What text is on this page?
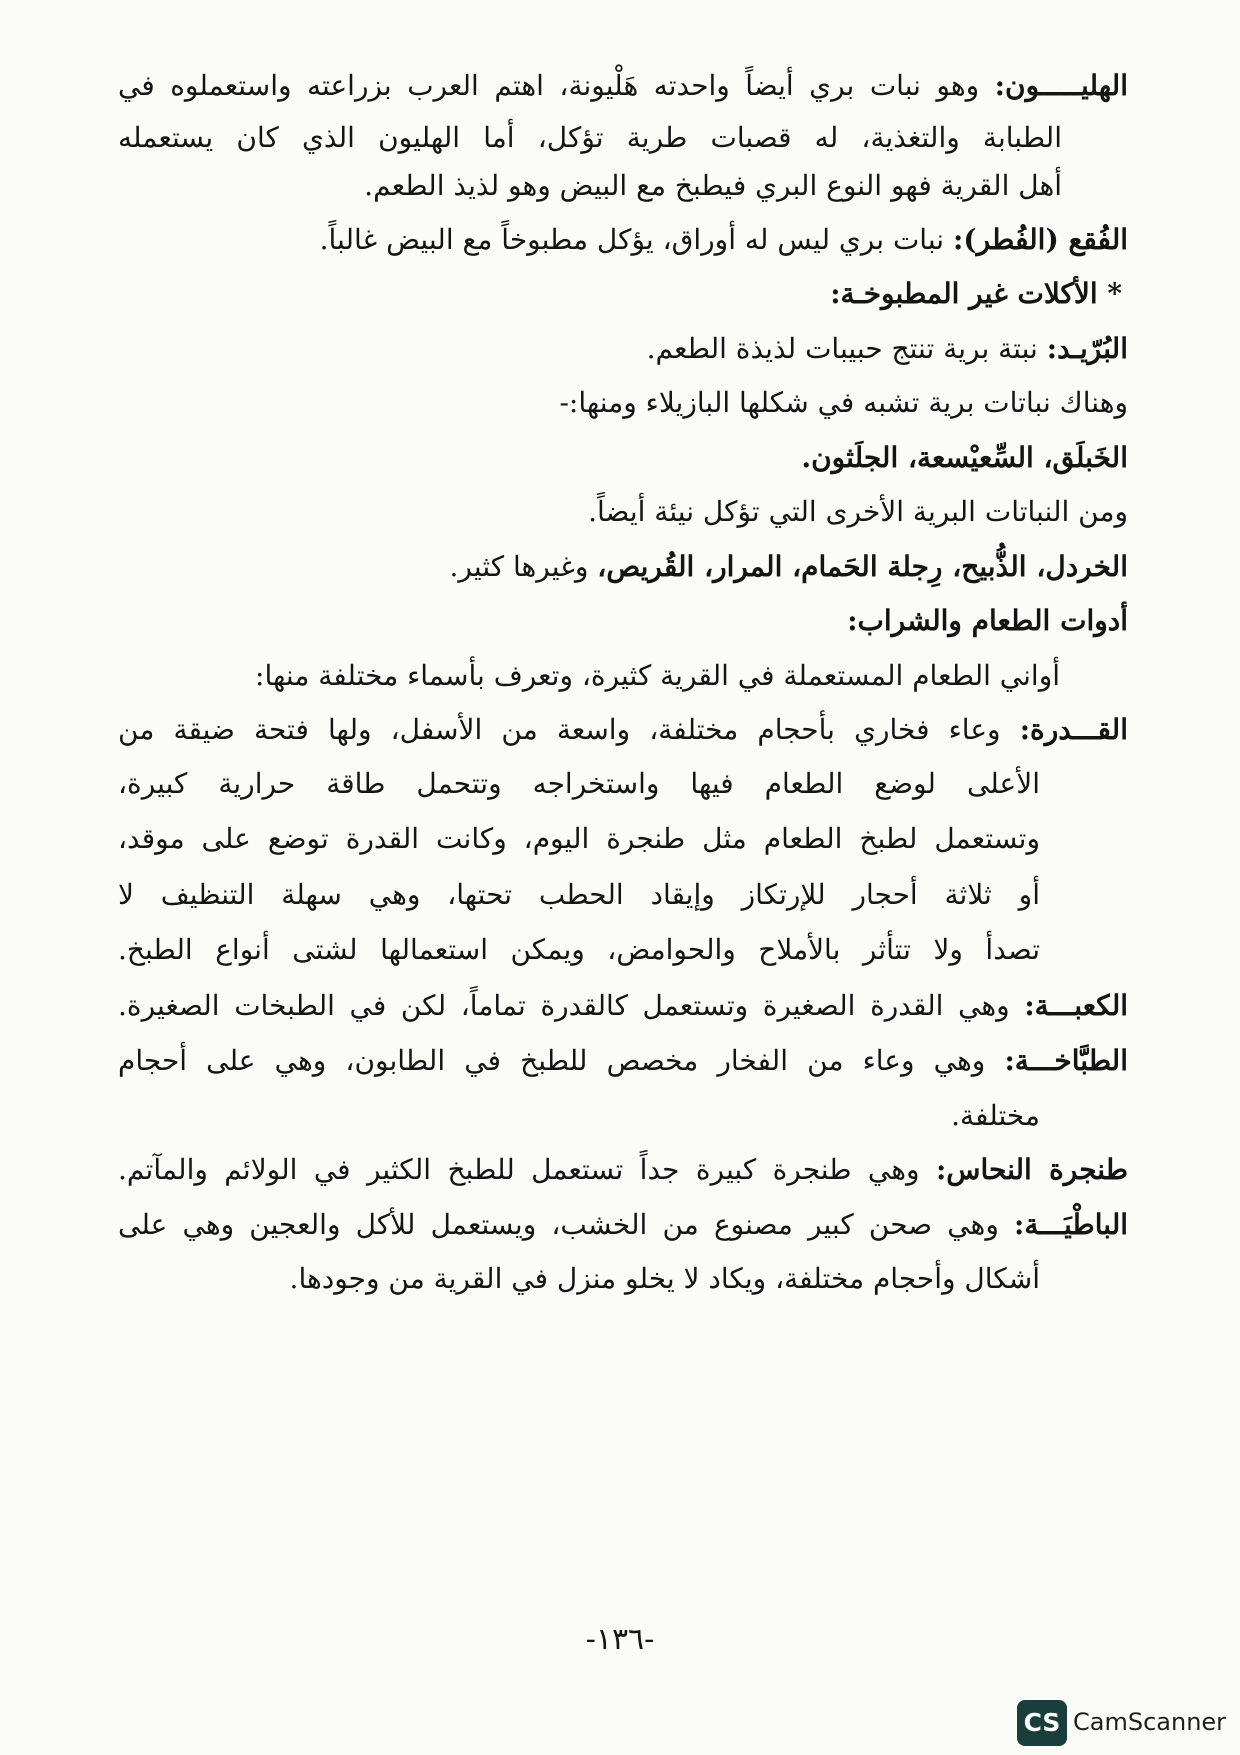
الهليـــــون: وهو نبات بري أيضاً واحدته هَلْيونة، اهتم العرب بزراعته واستعملوه في
الطبابة والتغذية، له قصبات طرية تؤكل، أما الهليون الذي كان يستعمله
أهل القرية فهو النوع البري فيطبخ مع البيض وهو لذيذ الطعم.
الفُقع (الفُطر): نبات بري ليس له أوراق، يؤكل مطبوخاً مع البيض غالباً.
* الأكلات غير المطبوخـة:
البُرّيـد: نبتة برية تنتج حبيبات لذيذة الطعم.
وهناك نباتات برية تشبه في شكلها البازيلاء ومنها:-
الخَبلَق، السِّعيْسعة، الجلَثون.
ومن النباتات البرية الأخرى التي تؤكل نيئة أيضاً.
الخردل، الذُّبيح، رِجلة الحَمام، المرار، القُريص، وغيرها كثير.
أدوات الطعام والشراب:
أواني الطعام المستعملة في القرية كثيرة، وتعرف بأسماء مختلفة منها:
القـــدرة: وعاء فخاري بأحجام مختلفة، واسعة من الأسفل، ولها فتحة ضيقة من
الأعلى لوضع الطعام فيها واستخراجه وتتحمل طاقة حرارية كبيرة،
وتستعمل لطبخ الطعام مثل طنجرة اليوم، وكانت القدرة توضع على موقد،
أو ثلاثة أحجار للإرتكاز وإيقاد الحطب تحتها، وهي سهلة التنظيف لا
تصدأ ولا تتأثر بالأملاح والحوامض، ويمكن استعمالها لشتى أنواع الطبخ.
الكعبـــة: وهي القدرة الصغيرة وتستعمل كالقدرة تماماً، لكن في الطبخات الصغيرة.
الطبَّاخـــة: وهي وعاء من الفخار مخصص للطبخ في الطابون، وهي على أحجام
مختلفة.
طنجرة النحاس: وهي طنجرة كبيرة جداً تستعمل للطبخ الكثير في الولائم والمآتم.
الباطْيَـــة: وهي صحن كبير مصنوع من الخشب، ويستعمل للأكل والعجين وهي على
أشكال وأحجام مختلفة، ويكاد لا يخلو منزل في القرية من وجودها.
-١٣٦-
CS CamScanner
